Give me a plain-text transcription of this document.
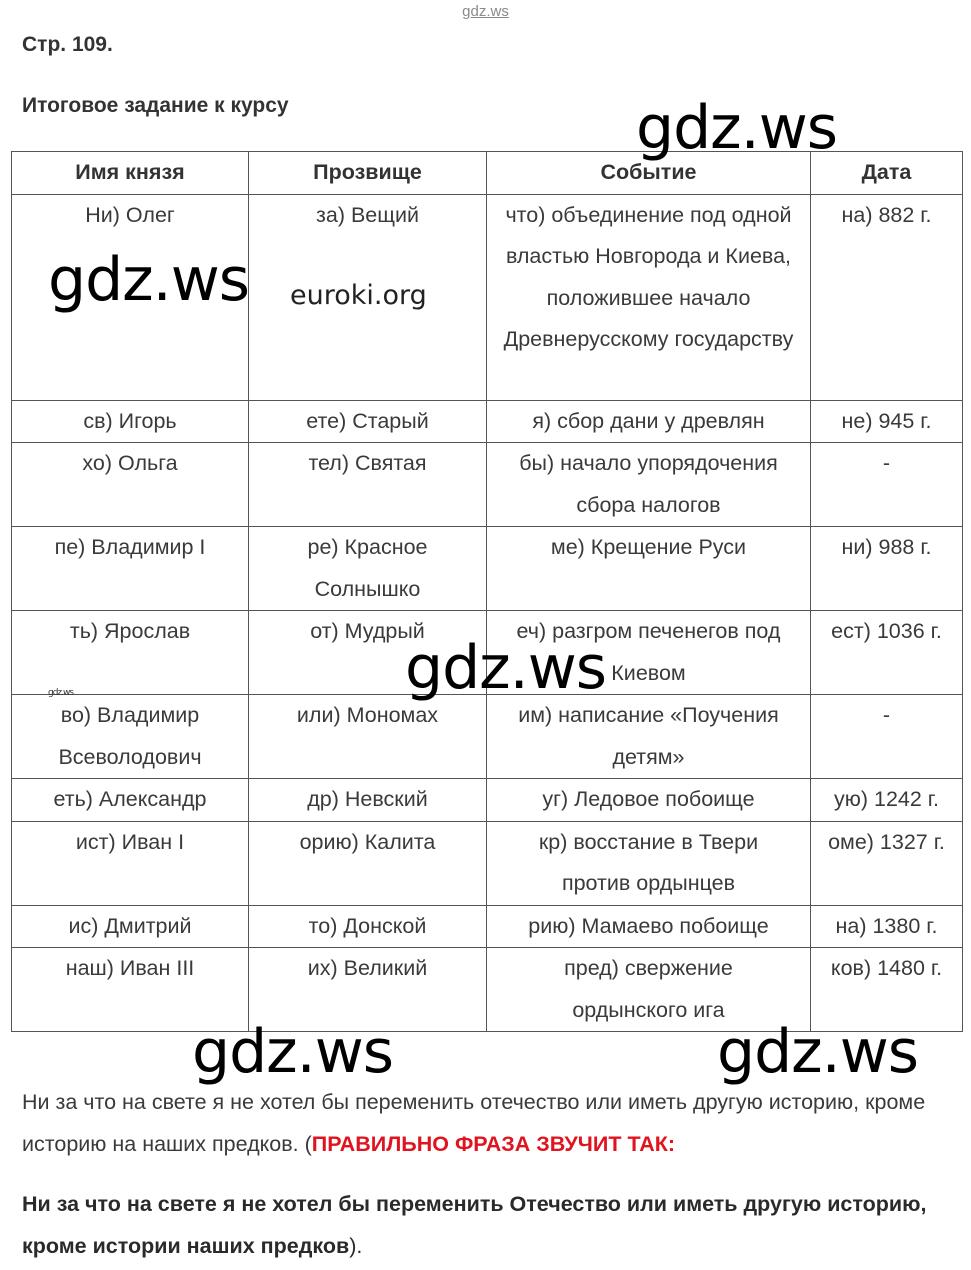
gdz.ws
Стр. 109.
Итоговое задание к курсу
Имя князя	Прозвище	Событие	Дата
Ни) Олег	за) Вещий	что) объединение под одной властью Новгорода и Киева, положившее начало Древнерусскому государству	на) 882 г.
св) Игорь	ете) Старый	я) сбор дани у древлян	не) 945 г.
хо) Ольга	тел) Святая	бы) начало упорядочения сбора налогов	-
пе) Владимир I	ре) Красное Солнышко	ме) Крещение Руси	ни) 988 г.
ть) Ярослав	от) Мудрый	еч) разгром печенегов под Киевом	ест) 1036 г.
во) Владимир Всеволодович	или) Мономах	им) написание «Поучения детям»	-
еть) Александр	др) Невский	уг) Ледовое побоище	ую) 1242 г.
ист) Иван I	орию) Калита	кр) восстание в Твери против ордынцев	оме) 1327 г.
ис) Дмитрий	то) Донской	рию) Мамаево побоище	на) 1380 г.
наш) Иван III	их) Великий	пред) свержение ордынского ига	ков) 1480 г.
gdz.ws
gdz.ws euroki.org
gdz.ws
gdz.ws
gdz.ws	gdz.ws
Ни за что на свете я не хотел бы переменить отечество или иметь другую историю, кроме историю на наших предков. (ПРАВИЛЬНО ФРАЗА ЗВУЧИТ ТАК:
Ни за что на свете я не хотел бы переменить Отечество или иметь другую историю, кроме истории наших предков).
